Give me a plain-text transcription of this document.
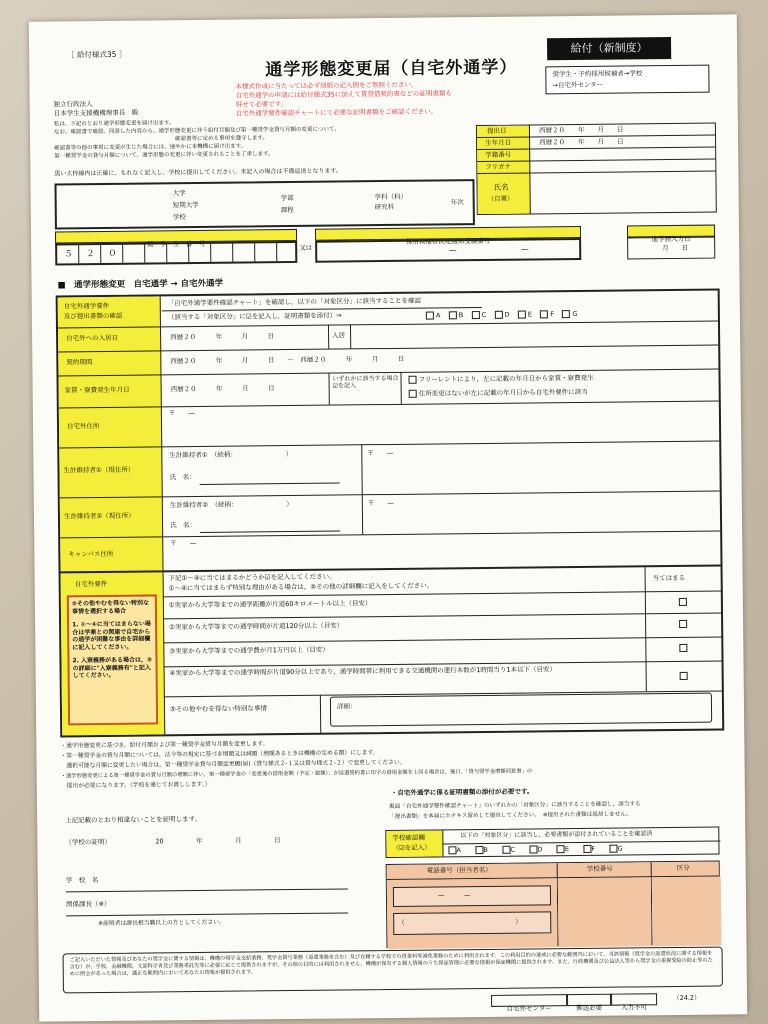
［ 給付様式35 ］	給付（新制度）
通学形態変更届（自宅外通学）
本様式作成に当たっては必ず別紙の記入例をご参照ください。
自宅外通学の申請には給付様式35に加えて賃貸借契約書などの証明書類も
併せて必要です。
自宅外通学要件確認チャートにて必要な証明書類をご確認ください。
奨学生・予約採用候補者→学校
→自宅外センター
独立行政法人
日本学生支援機構理事長　殿
私は、下記のとおり通学形態変更を届け出ます。
なお、確認書で確認、同意した内容から、通学形態変更に伴う給付月額及び第一種奨学金貸与月額の変更について、
　　　　　　　　　　　　　　　　　　　　　　確認書等に定める事項を遵守します。
確認書等の他の事項に変更が生じた場合には、速やかに本機構に届け出ます。
第一種奨学金の貸与月額について、通学形態の変更に伴い変更されることを了承します。
提出日	西暦２０　　年　　月　　日
生年月日	西暦２０　　年　　月　　日
学籍番号
フリガナ
氏名
（自署）
黒い太枠線内は正確に、もれなく記入し、学校に提出してください。未記入の場合は不備返送となります。
大学
短期大学
学校
学部
課程
学科（科）
研究科
年次
奨　学　生　番　号
５ ２ ０
又は
採用候補者決定通知受験番号
—	—
進学届入力日
月　　日
■　通学形態変更　自宅通学 → 自宅外通学
自宅外通学要件
及び提出書類の確認
「自宅外通学要件確認チャート」を確認し，以下の「対象区分」に該当することを確認
（該当する「対象区分」に☑を記入し，証明書類を添付）⇒	A	B	C	D	E	F	G
自宅外への入居日	西暦２０　　　年　　　月　　　日	入居
契約期間	西暦２０　　　年　　　月　　　日　　～　西暦２０　　　年　　　月　　　日
家賃・寮費発生年月日	西暦２０　　　年　　　月　　　日
いずれかに該当する場合☑を記入
フリーレントにより，左に記載の年月日から家賃・寮費発生
住所変更はないが左に記載の年月日から自宅外要件に該当
自宅外住所
〒　　—
生計維持者①（現住所）
生計維持者①　（続柄：　　　　　　　　）
氏　名：
〒　　—
生計維持者②（現住所）
生計維持者②　（続柄：　　　　　　　　）
氏　名：
〒　　—
キャンパス住所
〒　　—
自宅外要件
⑤その他やむを得ない特別な事情を選択する場合
1. ①～④に当てはまらない場合は学業との関連で自宅からの通学が困難な事由を詳細欄に記入してください。
2. 入寮義務がある場合は，⑤の詳細に"入寮義務有"と記入してください。
下記①～④に当てはまるかどうか☑を記入してください。
①～④に当てはまらず特別な理由がある場合は，⑤その他の詳細欄に記入をしてください。
当てはまる
①実家から大学等までの通学距離が片道60キロメートル以上（目安）
②実家から大学等までの通学時間が片道120分以上（目安）
③実家から大学等までの通学費が月1万円以上（目安）
④実家から大学等までの通学時間が片道90分以上であり，通学時間帯に利用できる交通機関の運行本数が1時間当り1本以下（目安）
⑤その他やむを得ない特別な事情	詳細：
・通学形態変更に基づき，給付月額および第一種奨学金貸与月額を変更します。
・第一種奨学金の貸与月額については，法令等の規定に基づき増額又は減額（増額あるときは機構の定める額）にします。
　選択可能な月額に変更したい場合は，第一種奨学金貸与月額変更願(届)（貸与様式２-１又は貸与様式２-２）で変更してください。
・通学形態変更による第一種奨学金の貸与月額の増額に伴い，第一種奨学金の「変更後の借用金額（予定・総額）」が返還誓約書に印字の借用金額を上回る場合は，後日，「貸与奨学金増額同意書」の
　提出が必要になります。（学校を通じてお渡しします。）
上記記載のとおり相違ないことを証明します。
（学校の証明）	20　　　　　年　　　　　月　　　　　日
学　校　名
関係課長（※）
※証明者は課長相当職以上の方としてください。
・自宅外通学に係る証明書類の添付が必要です。
裏面「自宅外通学要件確認チャート」のいずれかの「対象区分」に該当することを確認し，該当する
「提出書類」を本届にホチキス留めして提出してください。　※提出された書類は返却しません。
学校確認欄
（☑を記入）
以下の「対象区分」に該当し，必要書類が添付されていることを確認済
A	B	C	D	E	F	G
電話番号（担当者名）	学校番号	区分
—　　　—
（　　　　　　　　　　　　　　　　　）
ご記入いただいた情報及びあなたの奨学金に関する情報は，機構の奨学金支給業務，奨学金貸与業務（返還業務を含む）及び在籍する学校での授業料等減免業務のために利用されます。この利用目的の達成に必要な範囲内において，当該情報（奨学金の返還状況に関する情報を含む）が，学校，金融機関，文部科学省及び業務委託先等に必要に応じて提供されますが，その他の目的には利用されません。機構が保有する個人情報のうち保証管理に必要な情報が保証機関に提供されます。また，行政機関及び公益法人等から奨学金の重複受給の防止等のために照会があった場合は，適正な範囲内においてあなたの情報が提供されます。
自宅外センター	郵送必要	入力不可
（24.2）
